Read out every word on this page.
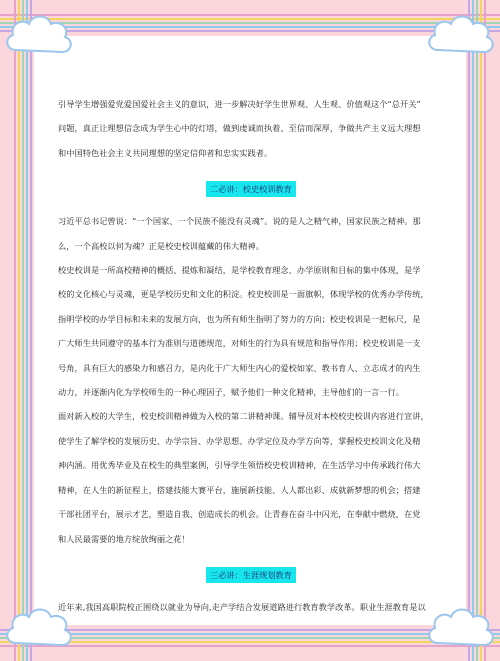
引导学生增强爱党爱国爱社会主义的意识，进一步解决好学生世界观、人生观、价值观这个“总开关”

问题，真正让理想信念成为学生心中的灯塔，做到虔诚而执着、至信而深厚，争做共产主义远大理想

和中国特色社会主义共同理想的坚定信仰者和忠实实践者。

二必讲：校史校训教育

习近平总书记曾说：“一个国家、一个民族不能没有灵魂”。说的是人之精气神，国家民族之精神。那

么，一个高校以何为魂？正是校史校训蕴藏的伟大精神。

校史校训是一所高校精神的概括、提炼和凝结，是学校教育理念、办学原则和目标的集中体现，是学

校的文化核心与灵魂，更是学校历史和文化的积淀。校史校训是一面旗帜，体现学校的优秀办学传统，

指明学校的办学目标和未来的发展方向，也为所有师生指明了努力的方向；校史校训是一把标尺，是

广大师生共同遵守的基本行为准则与道德规范，对师生的行为具有规范和指导作用；校史校训是一支

号角，具有巨大的感染力和感召力，是内化于广大师生内心的爱校如家、教书育人、立志成才的内生

动力，并逐渐内化为学校师生的一种心理因子，赋予他们一种文化精神，主导他们的一言一行。

面对新入校的大学生，校史校训精神做为入校的第二讲精神课。辅导员对本校校史校训内容进行宣讲，

使学生了解学校的发展历史、办学宗旨、办学思想、办学定位及办学方向等，掌握校史校训文化及精

神内涵。用优秀毕业及在校生的典型案例，引导学生领悟校史校训精神，在生活学习中传承践行伟大

精神，在人生的新征程上，搭建技能大赛平台，施展新技能、人人都出彩、成就新梦想的机会；搭建

干部社团平台，展示才艺，塑造自我、创造成长的机会。让青春在奋斗中闪光，在奉献中燃烧，在党

和人民最需要的地方绽放绚丽之花！

三必讲：生涯规划教育

近年来,我国高职院校正围绕以就业为导向,走产学结合发展道路进行教育教学改革。职业生涯教育是以
